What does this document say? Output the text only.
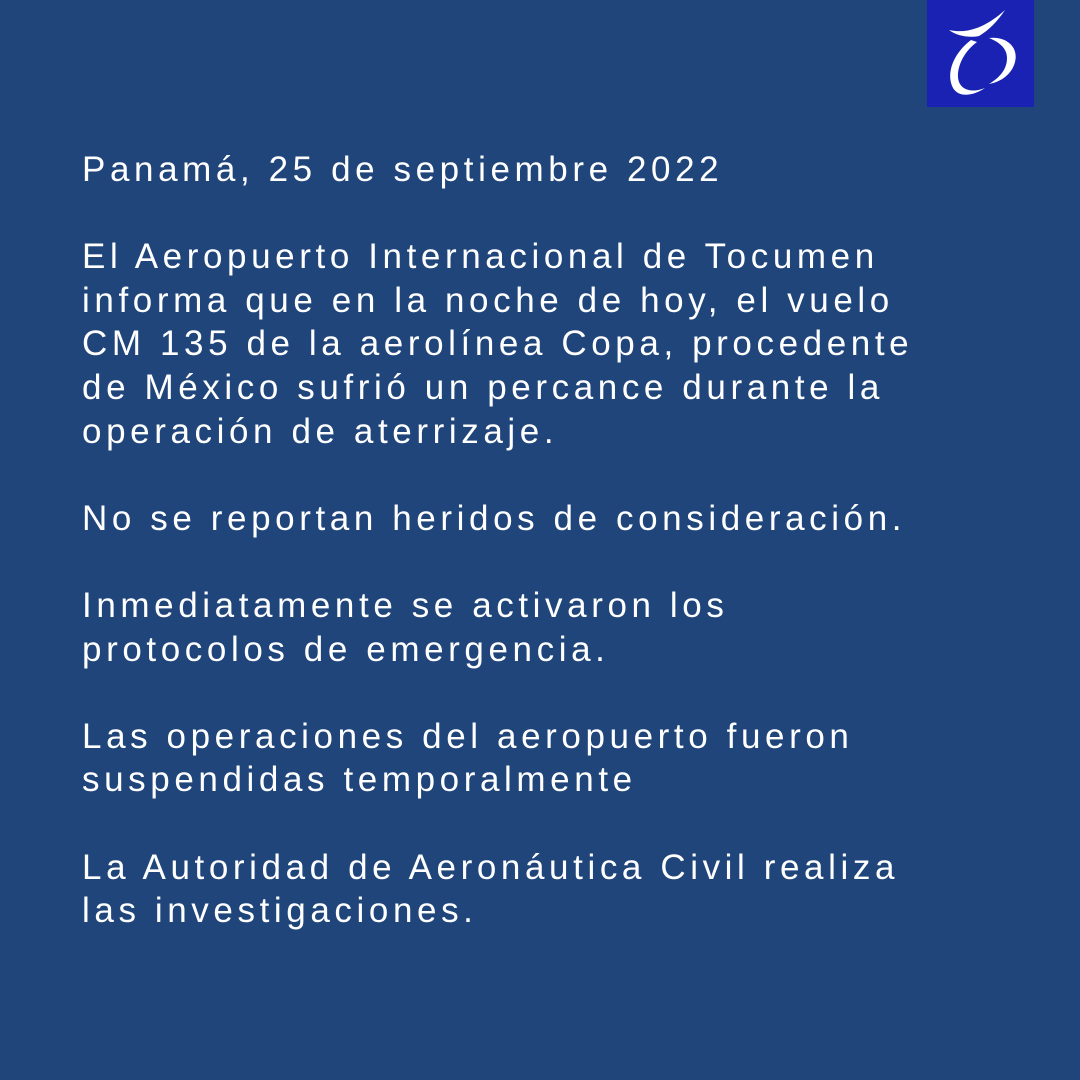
Panamá, 25 de septiembre 2022
El Aeropuerto Internacional de Tocumen
informa que en la noche de hoy, el vuelo
CM 135 de la aerolínea Copa, procedente
de México sufrió un percance durante la
operación de aterrizaje.
No se reportan heridos de consideración.
Inmediatamente se activaron los
protocolos de emergencia.
Las operaciones del aeropuerto fueron
suspendidas temporalmente
La Autoridad de Aeronáutica Civil realiza
las investigaciones.
